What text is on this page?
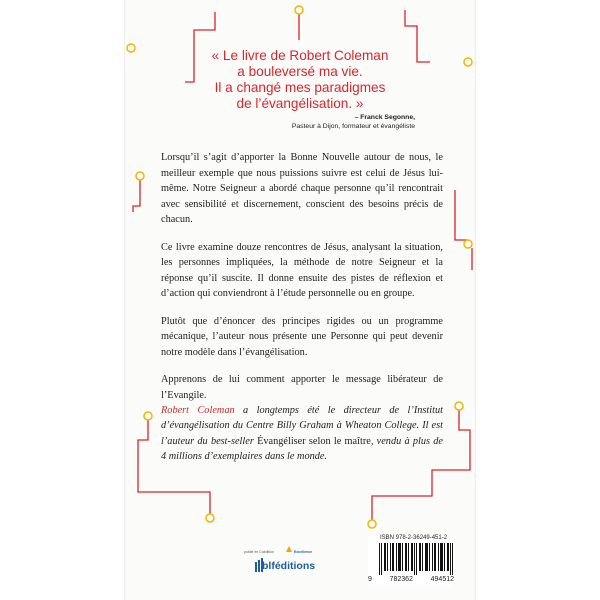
« Le livre de Robert Coleman
a bouleversé ma vie.
Il a changé mes paradigmes
de l’évangélisation. »
– Franck Segonne,
Pasteur à Dijon, formateur et évangéliste

Lorsqu’il s’agit d’apporter la Bonne Nouvelle autour de nous, le meilleur exemple que nous puissions suivre est celui de Jésus lui-même. Notre Seigneur a abordé chaque personne qu’il rencontrait avec sensibilité et discernement, conscient des besoins précis de chacun.

Ce livre examine douze rencontres de Jésus, analysant la situation, les personnes impliquées, la méthode de notre Seigneur et la réponse qu’il suscite. Il donne ensuite des pistes de réflexion et d’action qui conviendront à l’étude personnelle ou en groupe.

Plutôt que d’énoncer des principes rigides ou un programme mécanique, l’auteur nous présente une Personne qui peut devenir notre modèle dans l’évangélisation.

Apprenons de lui comment apporter le message libérateur de l’Evangile.

Robert Coleman a longtemps été le directeur de l’Institut d’évangélisation du Centre Billy Graham à Wheaton College. Il est l’auteur du best-seller Évangéliser selon le maître, vendu à plus de 4 millions d’exemplaires dans le monde.
publié en Coédition	Excellence
blféditions
ISBN 978-2-36249-451-2
9	782362	494512
